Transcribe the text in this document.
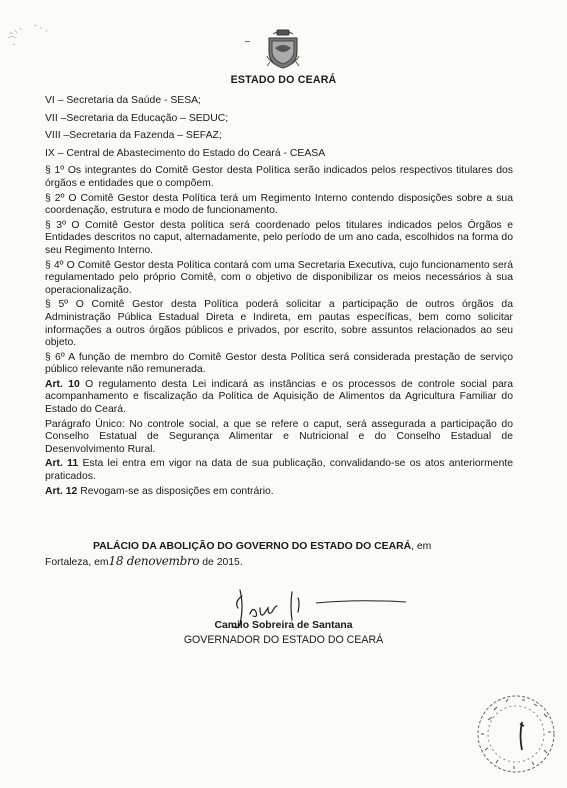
ESTADO DO CEARÁ

VI – Secretaria da Saúde - SESA;

VII –Secretaria da Educação – SEDUC;

VIII –Secretaria da Fazenda – SEFAZ;

IX – Central de Abastecimento do Estado do Ceará - CEASA

§ 1º Os integrantes do Comitê Gestor desta Política serão indicados pelos respectivos titulares dos órgãos e entidades que o compõem.

§ 2º O Comitê Gestor desta Política terá um Regimento Interno contendo disposições sobre a sua coordenação, estrutura e modo de funcionamento.

§ 3º O Comitê Gestor desta política será coordenado pelos titulares indicados pelos Órgãos e Entidades descritos no caput, alternadamente, pelo período de um ano cada, escolhidos na forma do seu Regimento Interno.

§ 4º O Comitê Gestor desta Política contará com uma Secretaria Executiva, cujo funcionamento será regulamentado pelo próprio Comitê, com o objetivo de disponibilizar os meios necessários à sua operacionalização.

§ 5º O Comitê Gestor desta Política poderá solicitar a participação de outros órgãos da Administração Pública Estadual Direta e Indireta, em pautas específicas, bem como solicitar informações a outros órgãos públicos e privados, por escrito, sobre assuntos relacionados ao seu objeto.

§ 6º A função de membro do Comitê Gestor desta Política será considerada prestação de serviço público relevante não remunerada.

Art. 10 O regulamento desta Lei indicará as instâncias e os processos de controle social para acompanhamento e fiscalização da Política de Aquisição de Alimentos da Agricultura Familiar do Estado do Ceará.

Parágrafo Único: No controle social, a que se refere o caput, será assegurada a participação do Conselho Estatual de Segurança Alimentar e Nutricional e do Conselho Estadual de Desenvolvimento Rural.

Art. 11 Esta lei entra em vigor na data de sua publicação, convalidando-se os atos anteriormente praticados.

Art. 12 Revogam-se as disposições em contrário.

PALÁCIO DA ABOLIÇÃO DO GOVERNO DO ESTADO DO CEARÁ, em
Fortaleza, em18 denovembro de 2015.
Camilo Sobreira de Santana
GOVERNADOR DO ESTADO DO CEARÁ
